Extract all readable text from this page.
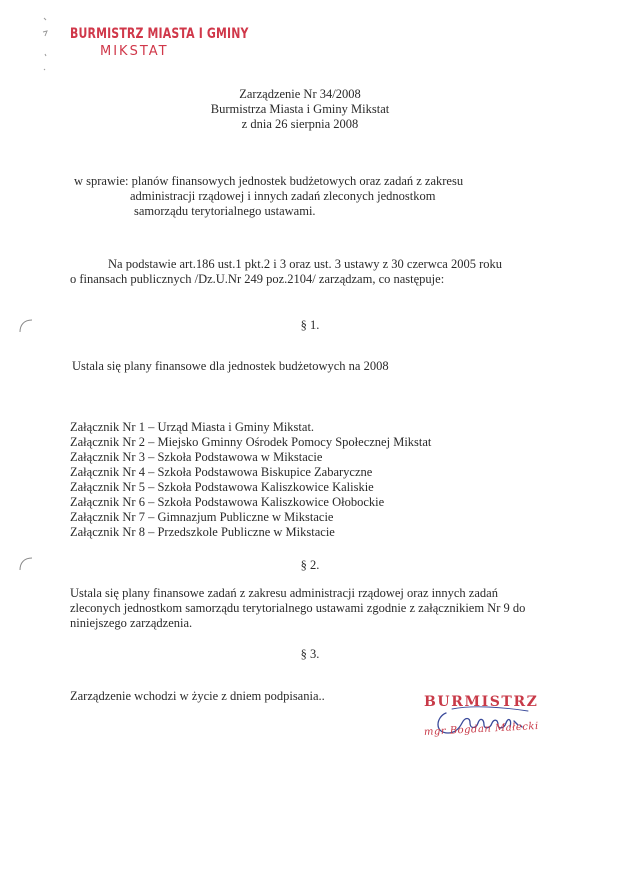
BURMISTRZ MIASTA I GMINY
MIKSTAT
Zarządzenie Nr 34/2008
Burmistrza Miasta i Gminy Mikstat
z dnia 26 sierpnia 2008
w sprawie: planów finansowych jednostek budżetowych oraz zadań z zakresu
administracji rządowej i innych zadań zleconych jednostkom
samorządu terytorialnego ustawami.
Na podstawie art.186 ust.1 pkt.2 i 3 oraz ust. 3 ustawy z 30 czerwca 2005 roku
o finansach publicznych /Dz.U.Nr 249 poz.2104/ zarządzam, co następuje:
§ 1.
Ustala się plany finansowe dla jednostek budżetowych na 2008
Załącznik Nr 1 – Urząd Miasta i Gminy Mikstat.
Załącznik Nr 2 – Miejsko Gminny Ośrodek Pomocy Społecznej Mikstat
Załącznik Nr 3 – Szkoła Podstawowa w Mikstacie
Załącznik Nr 4 – Szkoła Podstawowa Biskupice Zabaryczne
Załącznik Nr 5 – Szkoła Podstawowa Kaliszkowice Kaliskie
Załącznik Nr 6 – Szkoła Podstawowa Kaliszkowice Ołobockie
Załącznik Nr 7 – Gimnazjum Publiczne w Mikstacie
Załącznik Nr 8 – Przedszkole Publiczne w Mikstacie
§ 2.
Ustala się plany finansowe zadań z zakresu administracji rządowej oraz innych zadań
zleconych jednostkom samorządu terytorialnego ustawami zgodnie z załącznikiem Nr 9 do
niniejszego zarządzenia.
§ 3.
Zarządzenie wchodzi w życie z dniem podpisania..	BURMISTRZ
mgr Bogdan Małecki
